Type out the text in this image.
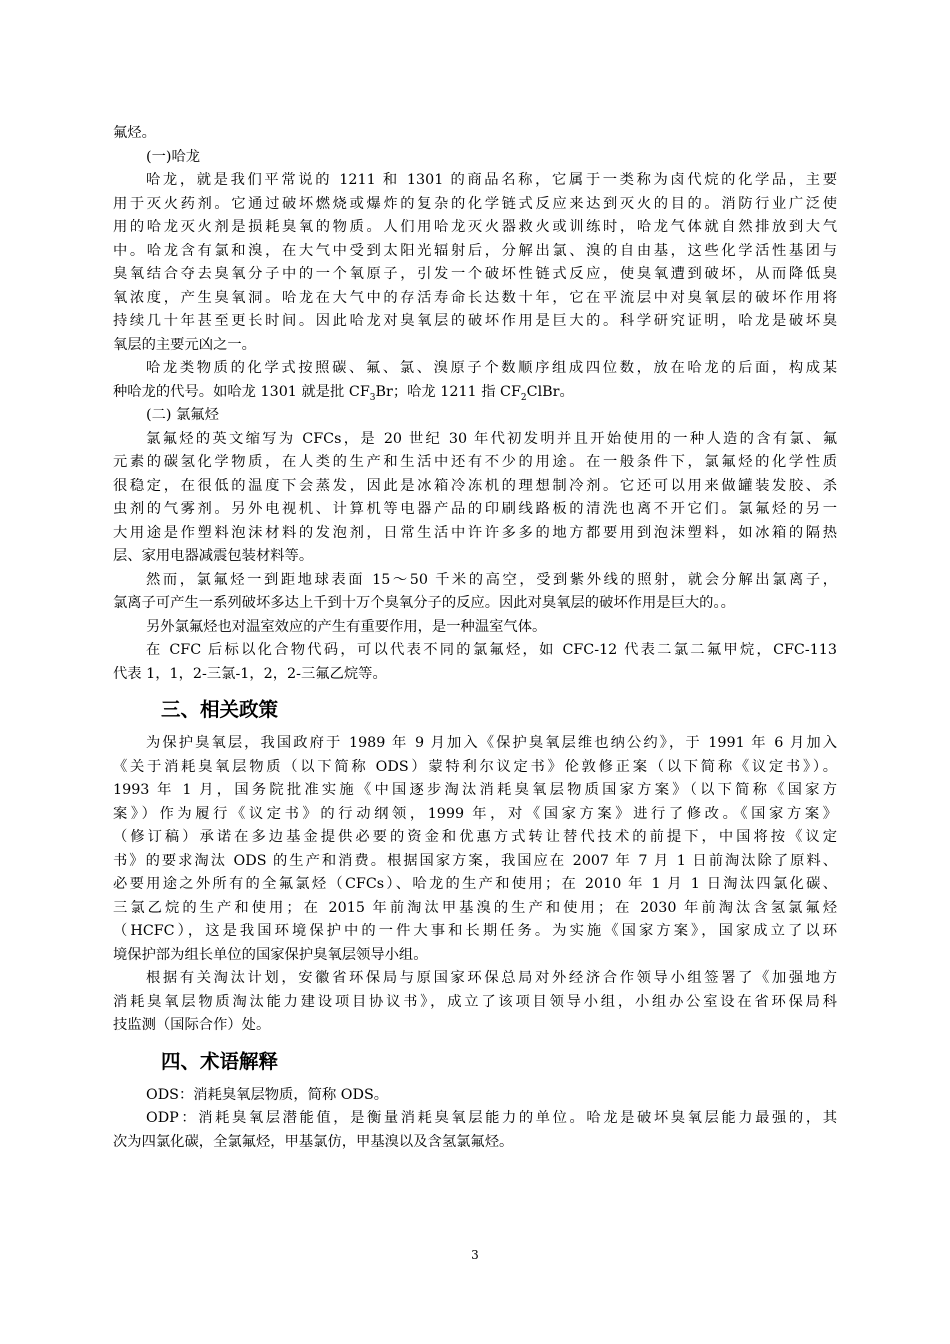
氟烃。
(一)哈龙
哈龙，就是我们平常说的 1211 和 1301 的商品名称，它属于一类称为卤代烷的化学品，主要
用于灭火药剂。它通过破坏燃烧或爆炸的复杂的化学链式反应来达到灭火的目的。消防行业广泛使
用的哈龙灭火剂是损耗臭氧的物质。人们用哈龙灭火器救火或训练时，哈龙气体就自然排放到大气
中。哈龙含有氯和溴，在大气中受到太阳光辐射后，分解出氯、溴的自由基，这些化学活性基团与
臭氧结合夺去臭氧分子中的一个氧原子，引发一个破坏性链式反应，使臭氧遭到破坏，从而降低臭
氧浓度，产生臭氧洞。哈龙在大气中的存活寿命长达数十年，它在平流层中对臭氧层的破坏作用将
持续几十年甚至更长时间。因此哈龙对臭氧层的破坏作用是巨大的。科学研究证明，哈龙是破坏臭
氧层的主要元凶之一。
哈龙类物质的化学式按照碳、氟、氯、溴原子个数顺序组成四位数，放在哈龙的后面，构成某
种哈龙的代号。如哈龙 1301 就是批 $CF_3Br$；哈龙 1211 指 $CF_2ClBr$。
(二) 氯氟烃
氯氟烃的英文缩写为 CFCs，是 20 世纪 30 年代初发明并且开始使用的一种人造的含有氯、氟
元素的碳氢化学物质，在人类的生产和生活中还有不少的用途。在一般条件下，氯氟烃的化学性质
很稳定，在很低的温度下会蒸发，因此是冰箱冷冻机的理想制冷剂。它还可以用来做罐装发胶、杀
虫剂的气雾剂。另外电视机、计算机等电器产品的印刷线路板的清洗也离不开它们。氯氟烃的另一
大用途是作塑料泡沫材料的发泡剂，日常生活中许许多多的地方都要用到泡沫塑料，如冰箱的隔热
层、家用电器减震包装材料等。
然而，氯氟烃一到距地球表面 15～50 千米的高空，受到紫外线的照射，就会分解出氯离子，
氯离子可产生一系列破坏多达上千到十万个臭氧分子的反应。因此对臭氧层的破坏作用是巨大的。。
另外氯氟烃也对温室效应的产生有重要作用，是一种温室气体。
在 CFC 后标以化合物代码，可以代表不同的氯氟烃，如 CFC-12 代表二氯二氟甲烷，CFC-113
代表 1，1，2-三氯-1，2，2-三氟乙烷等。
三、相关政策
为保护臭氧层，我国政府于 1989 年 9 月加入《保护臭氧层维也纳公约》，于 1991 年 6 月加入
《关于消耗臭氧层物质（以下简称 ODS）蒙特利尔议定书》伦敦修正案（以下简称《议定书》）。
1993 年 1 月，国务院批准实施《中国逐步淘汰消耗臭氧层物质国家方案》（以下简称《国家方
案》）作为履行《议定书》的行动纲领，1999 年，对《国家方案》进行了修改。《国家方案》
（修订稿）承诺在多边基金提供必要的资金和优惠方式转让替代技术的前提下，中国将按《议定
书》的要求淘汰 ODS 的生产和消费。根据国家方案，我国应在 2007 年 7 月 1 日前淘汰除了原料、
必要用途之外所有的全氟氯烃（CFCs）、哈龙的生产和使用；在 2010 年 1 月 1 日淘汰四氯化碳、
三氯乙烷的生产和使用；在 2015 年前淘汰甲基溴的生产和使用；在 2030 年前淘汰含氢氯氟烃
（HCFC），这是我国环境保护中的一件大事和长期任务。为实施《国家方案》，国家成立了以环
境保护部为组长单位的国家保护臭氧层领导小组。
根据有关淘汰计划，安徽省环保局与原国家环保总局对外经济合作领导小组签署了《加强地方
消耗臭氧层物质淘汰能力建设项目协议书》，成立了该项目领导小组，小组办公室设在省环保局科
技监测（国际合作）处。
四、术语解释
ODS：消耗臭氧层物质，简称 ODS。
ODP：消耗臭氧层潜能值，是衡量消耗臭氧层能力的单位。哈龙是破坏臭氧层能力最强的，其
次为四氯化碳，全氯氟烃，甲基氯仿，甲基溴以及含氢氯氟烃。
3
